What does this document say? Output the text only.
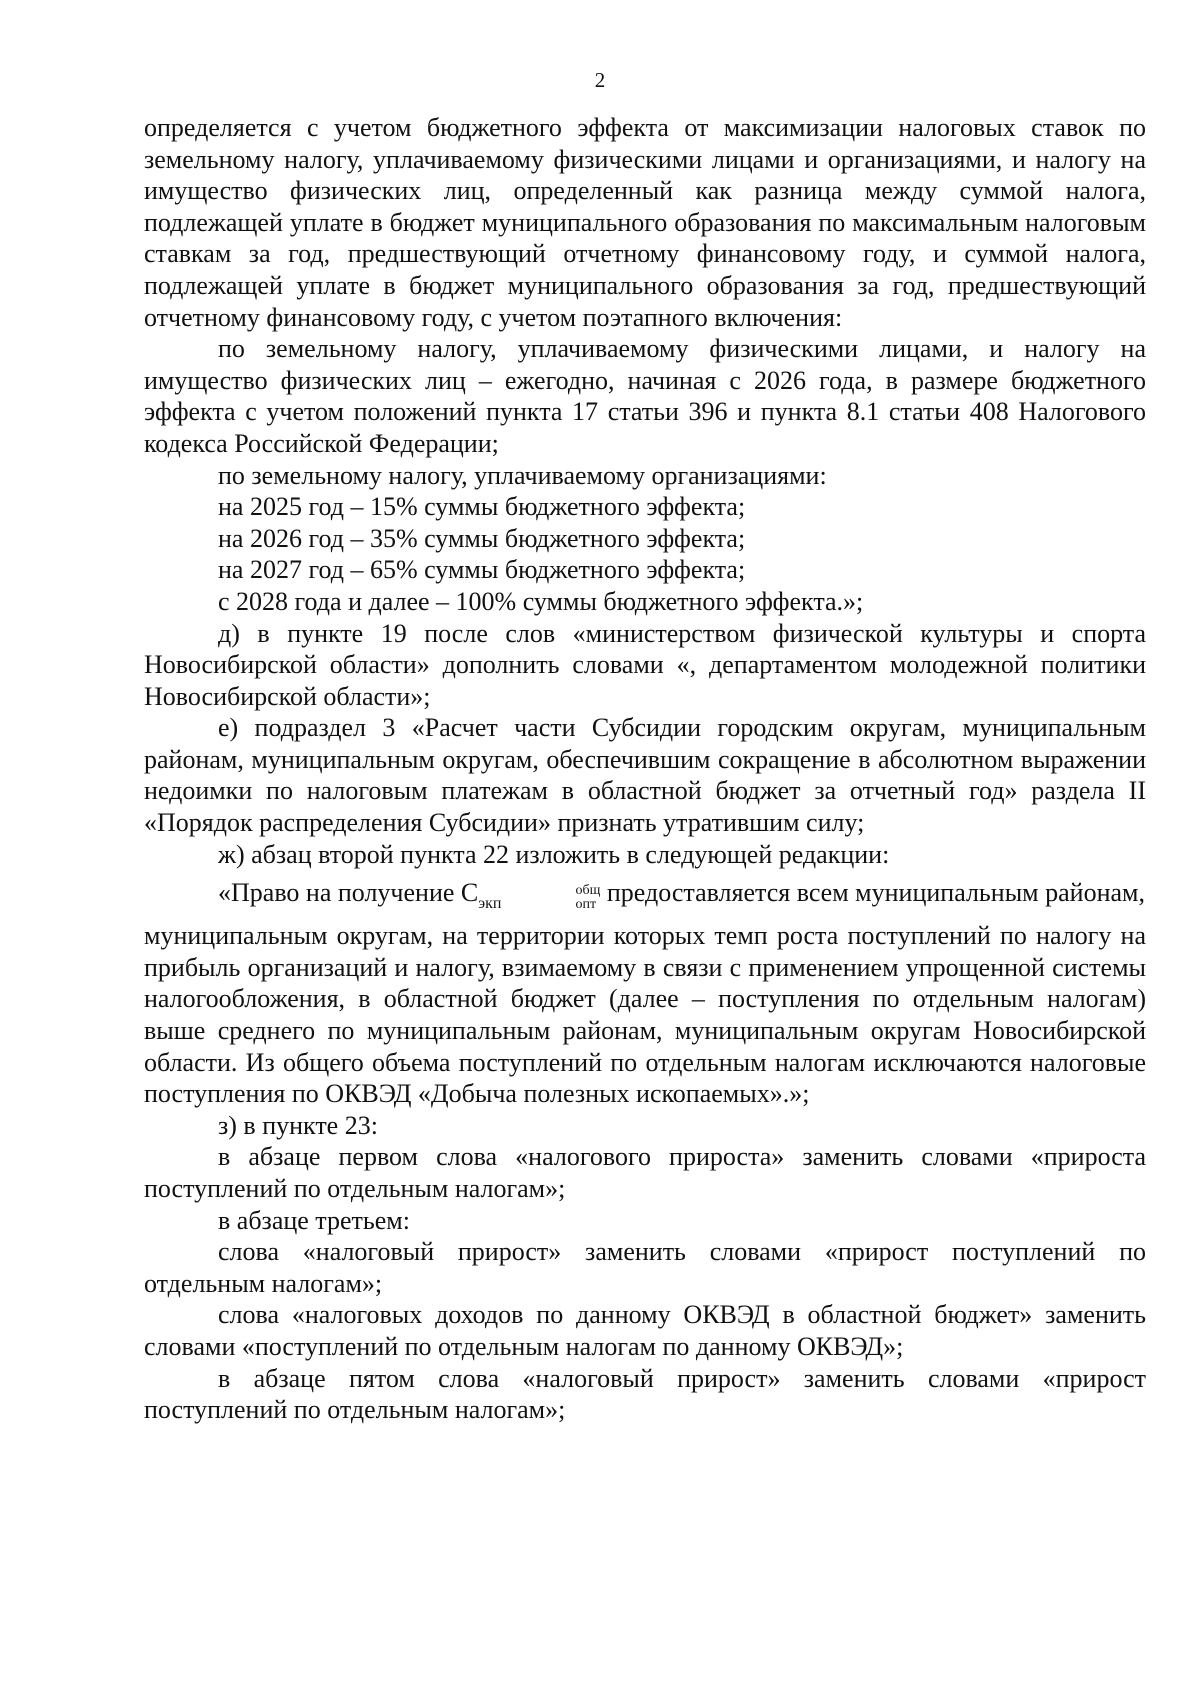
2

определяется с учетом бюджетного эффекта от максимизации налоговых ставок по земельному налогу, уплачиваемому физическими лицами и организациями, и налогу на имущество физических лиц, определенный как разница между суммой налога, подлежащей уплате в бюджет муниципального образования по максимальным налоговым ставкам за год, предшествующий отчетному финансовому году, и суммой налога, подлежащей уплате в бюджет муниципального образования за год, предшествующий отчетному финансовому году, с учетом поэтапного включения:

по земельному налогу, уплачиваемому физическими лицами, и налогу на имущество физических лиц – ежегодно, начиная с 2026 года, в размере бюджетного эффекта с учетом положений пункта 17 статьи 396 и пункта 8.1 статьи 408 Налогового кодекса Российской Федерации;

по земельному налогу, уплачиваемому организациями:

на 2025 год – 15% суммы бюджетного эффекта;

на 2026 год – 35% суммы бюджетного эффекта;

на 2027 год – 65% суммы бюджетного эффекта;

с 2028 года и далее – 100% суммы бюджетного эффекта.»;

д) в пункте 19 после слов «министерством физической культуры и спорта Новосибирской области» дополнить словами «, департаментом молодежной политики Новосибирской области»;

е) подраздел 3 «Расчет части Субсидии городским округам, муниципальным районам, муниципальным округам, обеспечившим сокращение в абсолютном выражении недоимки по налоговым платежам в областной бюджет за отчетный год» раздела II «Порядок распределения Субсидии» признать утратившим силу;

ж) абзац второй пункта 22 изложить в следующей редакции:

«Право на получение $С_{экп}$
общ
опт предоставляется всем муниципальным районам,

муниципальным округам, на территории которых темп роста поступлений по налогу на прибыль организаций и налогу, взимаемому в связи с применением упрощенной системы налогообложения, в областной бюджет (далее – поступления по отдельным налогам) выше среднего по муниципальным районам, муниципальным округам Новосибирской области. Из общего объема поступлений по отдельным налогам исключаются налоговые поступления по ОКВЭД «Добыча полезных ископаемых».»;

з) в пункте 23:

в абзаце первом слова «налогового прироста» заменить словами «прироста поступлений по отдельным налогам»;

в абзаце третьем:

слова «налоговый прирост» заменить словами «прирост поступлений по отдельным налогам»;

слова «налоговых доходов по данному ОКВЭД в областной бюджет» заменить словами «поступлений по отдельным налогам по данному ОКВЭД»;

в абзаце пятом слова «налоговый прирост» заменить словами «прирост поступлений по отдельным налогам»;
